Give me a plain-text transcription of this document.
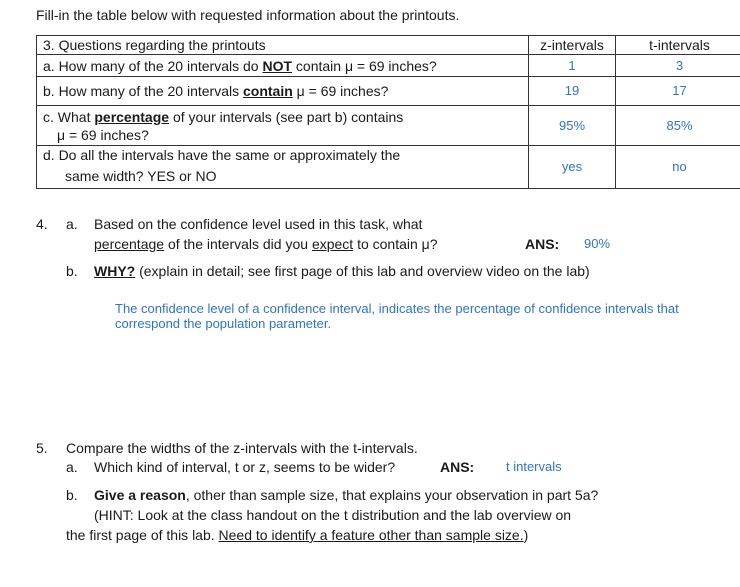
Fill-in the table below with requested information about the printouts.
3. Questions regarding the printouts	z-intervals	t-intervals
a. How many of the 20 intervals do NOT contain μ = 69 inches?	1	3
b. How many of the 20 intervals contain μ = 69 inches?	19	17
c. What percentage of your intervals (see part b) contains
μ = 69 inches?	95%	85%
d. Do all the intervals have the same or approximately the
same width? YES or NO	yes	no
4. a. Based on the confidence level used in this task, what
percentage of the intervals did you expect to contain μ?	ANS: 90%
b. WHY? (explain in detail; see first page of this lab and overview video on the lab)
The confidence level of a confidence interval, indicates the percentage of confidence intervals that
correspond the population parameter.
5. Compare the widths of the z-intervals with the t-intervals.
a. Which kind of interval, t or z, seems to be wider?	ANS: t intervals
b. Give a reason, other than sample size, that explains your observation in part 5a?
(HINT: Look at the class handout on the t distribution and the lab overview on
the first page of this lab. Need to identify a feature other than sample size.)
